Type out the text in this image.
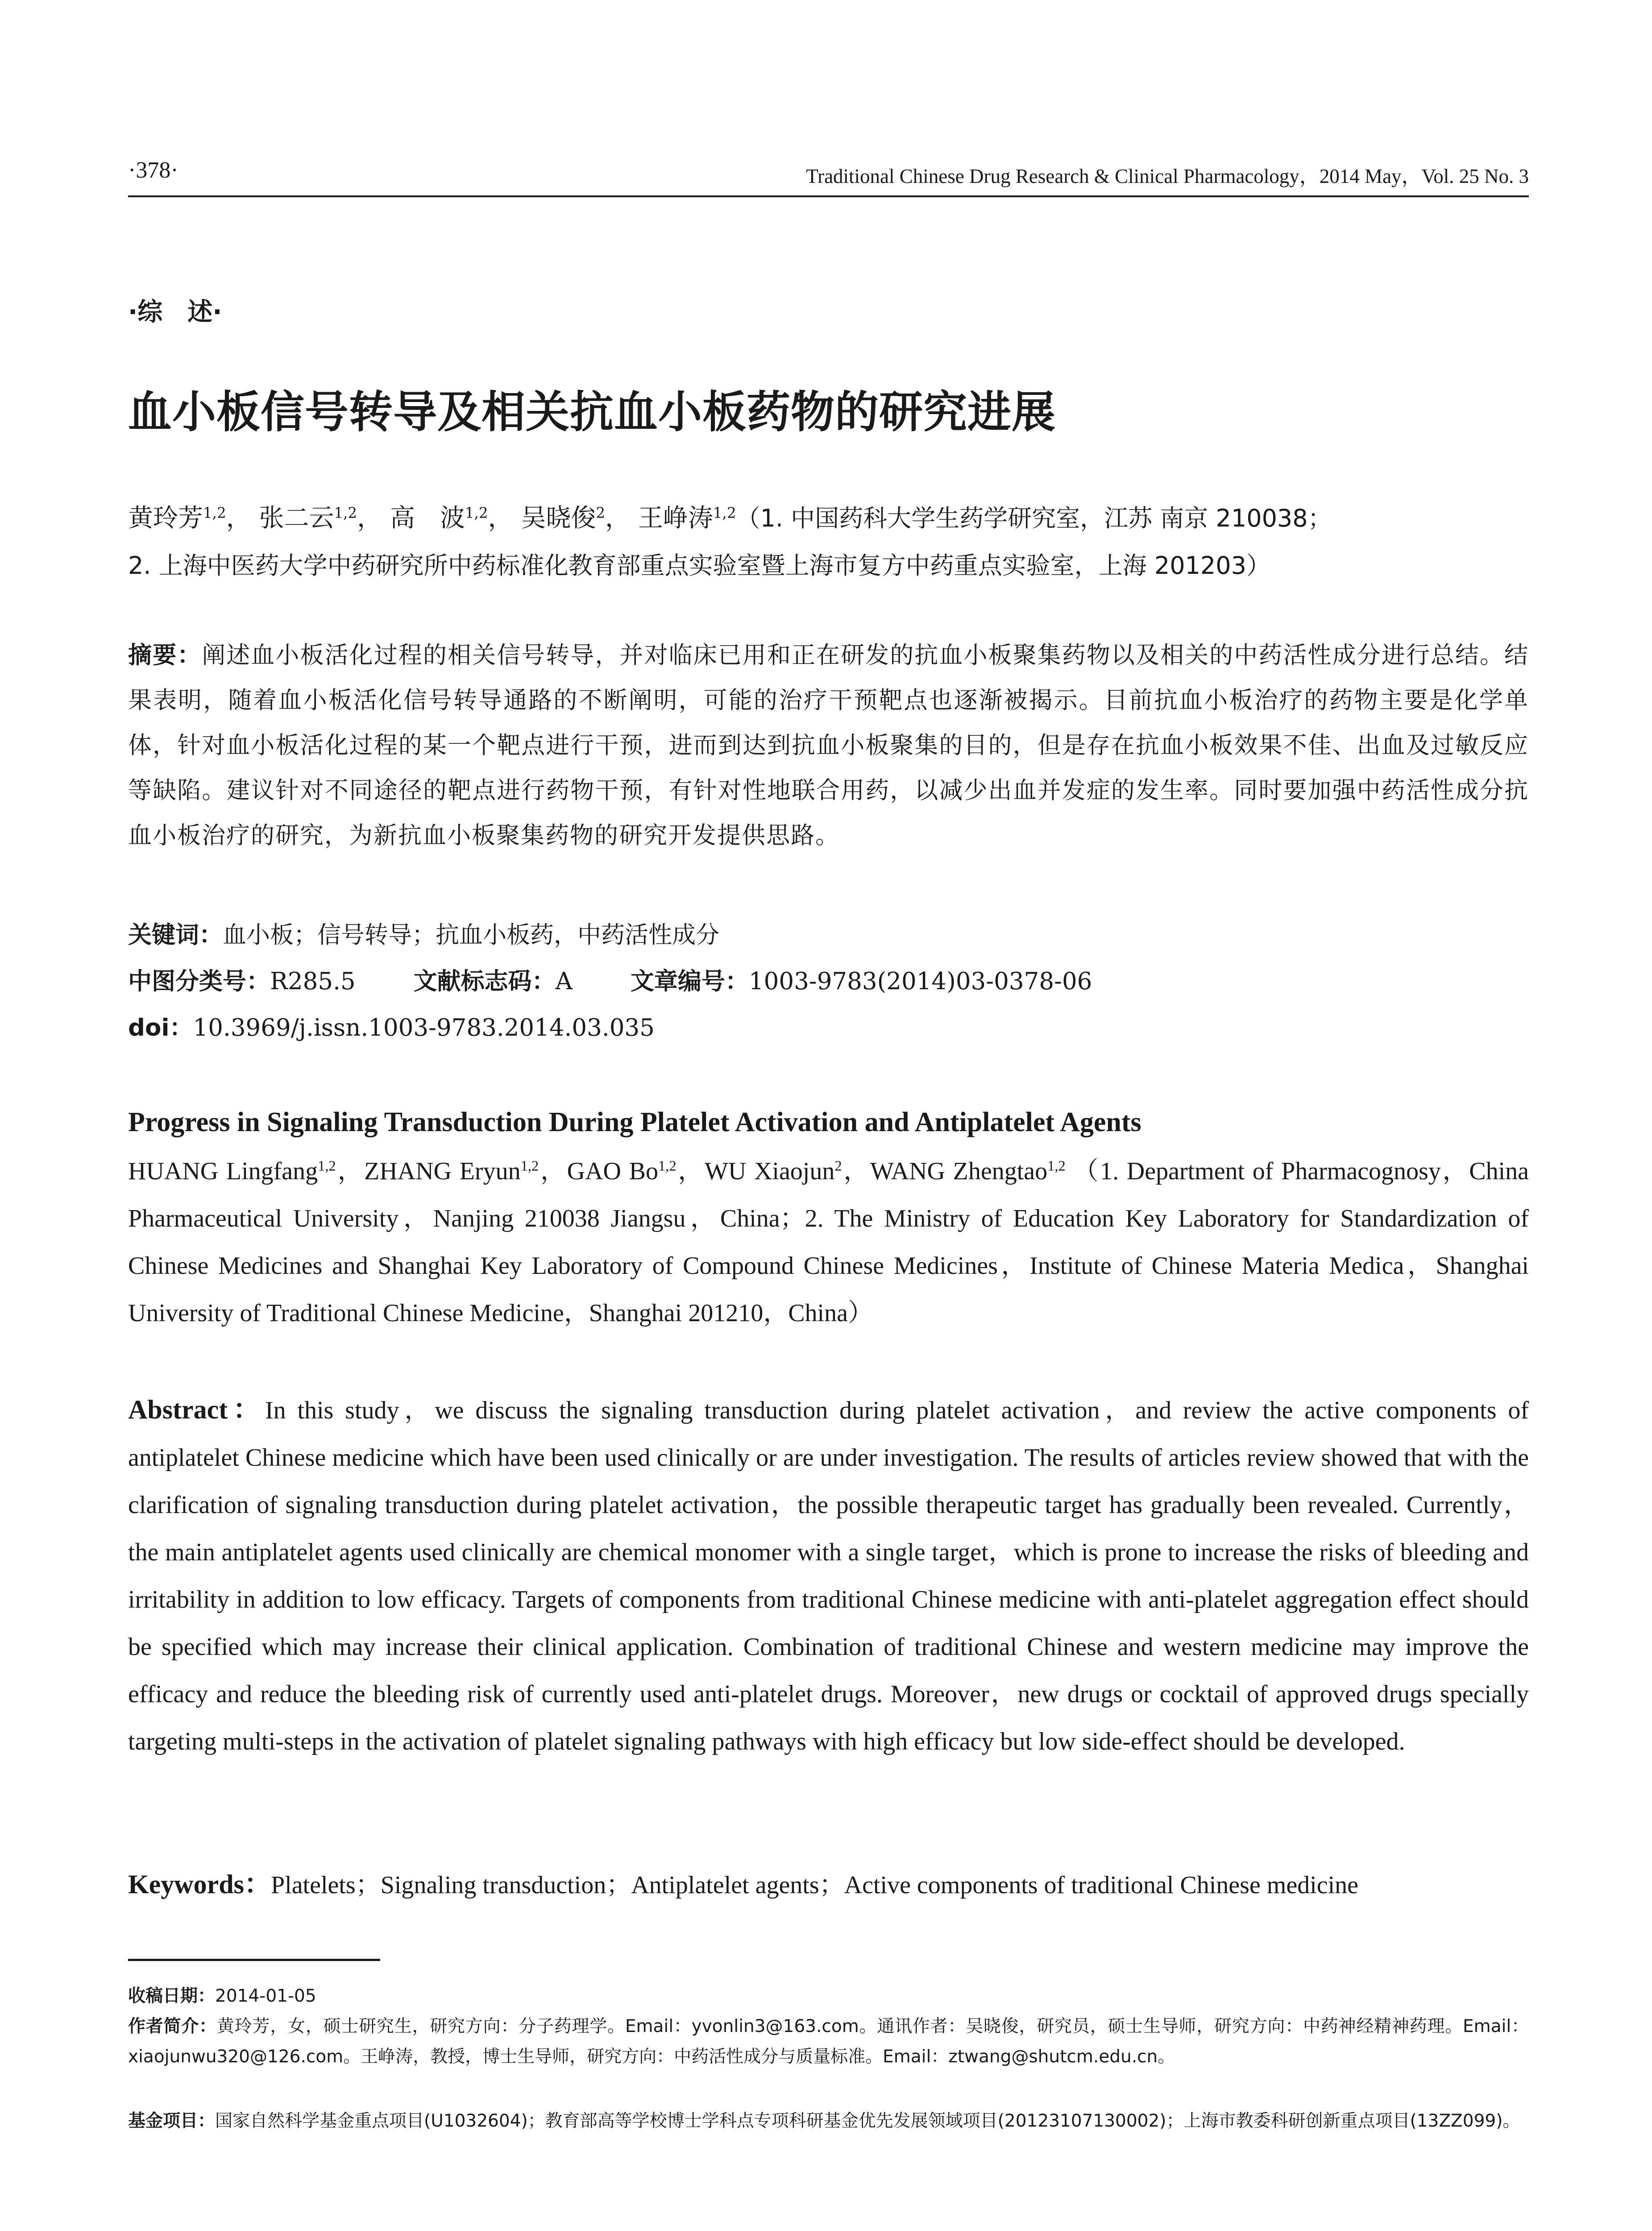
·378·	Traditional Chinese Drug Research & Clinical Pharmacology，2014 May，Vol. 25 No. 3
·综　述·
血小板信号转导及相关抗血小板药物的研究进展
黄玲芳$^{1,2}$， 张二云$^{1,2}$， 高　波$^{1,2}$， 吴晓俊$^2$， 王峥涛$^{1,2}$（1. 中国药科大学生药学研究室，江苏 南京 210038；
2. 上海中医药大学中药研究所中药标准化教育部重点实验室暨上海市复方中药重点实验室，上海 201203）

摘要：阐述血小板活化过程的相关信号转导，并对临床已用和正在研发的抗血小板聚集药物以及相关的中药活性成分进行总结。结果表明，随着血小板活化信号转导通路的不断阐明，可能的治疗干预靶点也逐渐被揭示。目前抗血小板治疗的药物主要是化学单体，针对血小板活化过程的某一个靶点进行干预，进而到达到抗血小板聚集的目的，但是存在抗血小板效果不佳、出血及过敏反应等缺陷。建议针对不同途径的靶点进行药物干预，有针对性地联合用药，以减少出血并发症的发生率。同时要加强中药活性成分抗血小板治疗的研究，为新抗血小板聚集药物的研究开发提供思路。

关键词：血小板；信号转导；抗血小板药，中药活性成分

中图分类号：R285.5 文献标志码：A 文章编号：1003-9783(2014)03-0378-06

doi：10.3969/j.issn.1003-9783.2014.03.035

Progress in Signaling Transduction During Platelet Activation and Antiplatelet Agents

HUANG Lingfang$^{1,2}$，ZHANG Eryun$^{1,2}$，GAO Bo$^{1,2}$，WU Xiaojun$^2$，WANG Zhengtao$^{1,2}$ （1. Department of Pharmacognosy，China Pharmaceutical University，Nanjing 210038 Jiangsu，China；2. The Ministry of Education Key Laboratory for Standardization of Chinese Medicines and Shanghai Key Laboratory of Compound Chinese Medicines，Institute of Chinese Materia Medica，Shanghai University of Traditional Chinese Medicine，Shanghai 201210，China）

Abstract：In this study，we discuss the signaling transduction during platelet activation，and review the active components of antiplatelet Chinese medicine which have been used clinically or are under investigation. The results of articles review showed that with the clarification of signaling transduction during platelet activation，the possible therapeutic target has gradually been revealed. Currently，the main antiplatelet agents used clinically are chemical monomer with a single target，which is prone to increase the risks of bleeding and irritability in addition to low efficacy. Targets of components from traditional Chinese medicine with anti-platelet aggregation effect should be specified which may increase their clinical application. Combination of traditional Chinese and western medicine may improve the efficacy and reduce the bleeding risk of currently used anti-platelet drugs. Moreover，new drugs or cocktail of approved drugs specially targeting multi-steps in the activation of platelet signaling pathways with high efficacy but low side-effect should be developed.

Keywords：Platelets；Signaling transduction；Antiplatelet agents；Active components of traditional Chinese medicine

收稿日期：2014-01-05

作者简介：黄玲芳，女，硕士研究生，研究方向：分子药理学。Email：yvonlin3@163.com。通讯作者：吴晓俊，研究员，硕士生导师，研究方向：中药神经精神药理。Email：xiaojunwu320@126.com。王峥涛，教授，博士生导师，研究方向：中药活性成分与质量标准。Email：ztwang@shutcm.edu.cn。

基金项目：国家自然科学基金重点项目(U1032604)；教育部高等学校博士学科点专项科研基金优先发展领域项目(20123107130002)；上海市教委科研创新重点项目(13ZZ099)。
